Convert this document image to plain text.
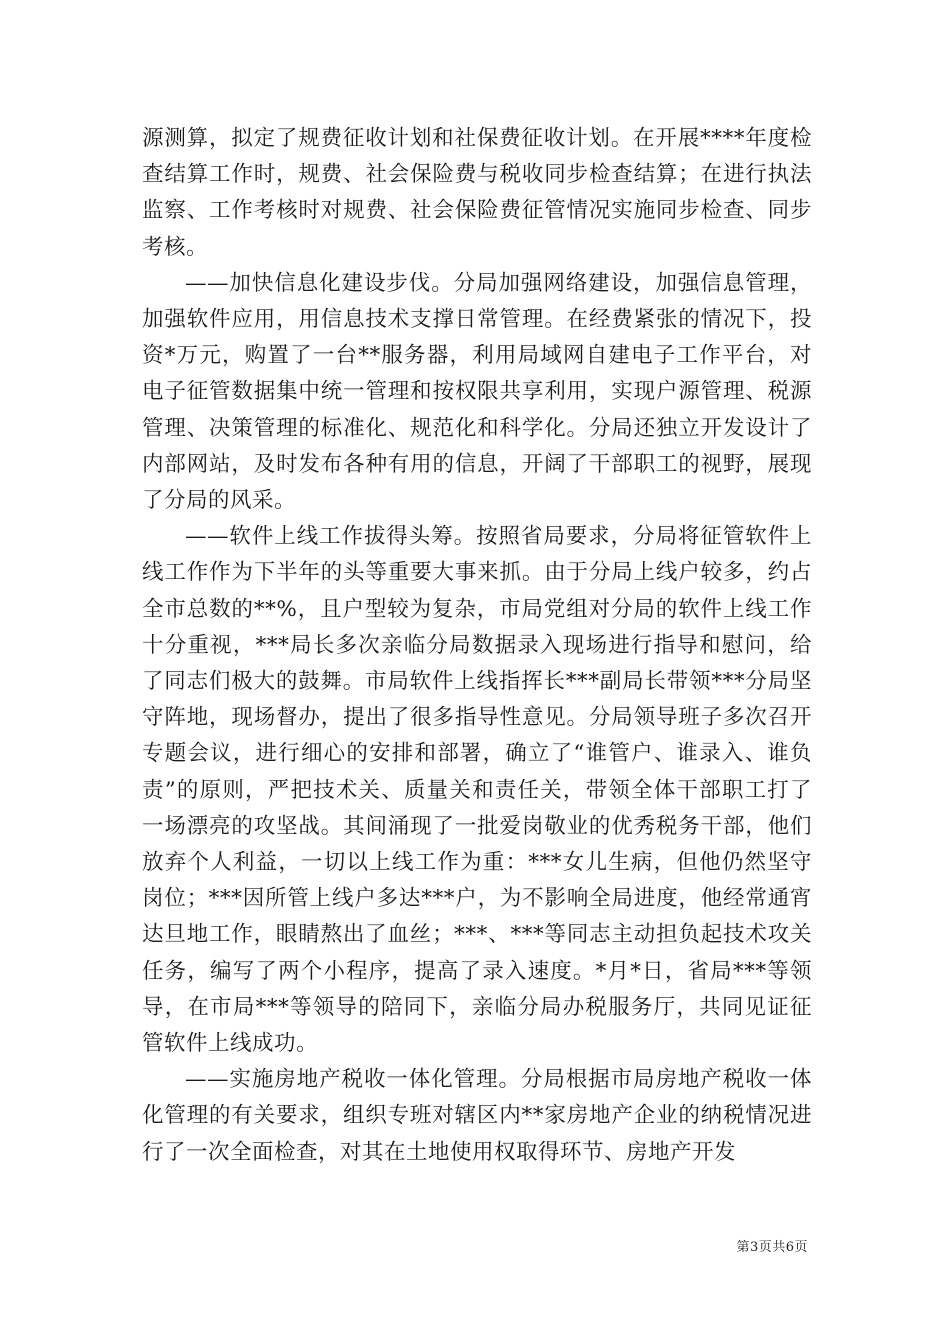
源测算，拟定了规费征收计划和社保费征收计划。在开展****年度检查结算工作时，规费、社会保险费与税收同步检查结算；在进行执法监察、工作考核时对规费、社会保险费征管情况实施同步检查、同步考核。

——加快信息化建设步伐。分局加强网络建设，加强信息管理，加强软件应用，用信息技术支撑日常管理。在经费紧张的情况下，投资*万元，购置了一台**服务器，利用局域网自建电子工作平台，对电子征管数据集中统一管理和按权限共享利用，实现户源管理、税源管理、决策管理的标准化、规范化和科学化。分局还独立开发设计了内部网站，及时发布各种有用的信息，开阔了干部职工的视野，展现了分局的风采。

——软件上线工作拔得头筹。按照省局要求，分局将征管软件上线工作作为下半年的头等重要大事来抓。由于分局上线户较多，约占全市总数的**%，且户型较为复杂，市局党组对分局的软件上线工作十分重视，***局长多次亲临分局数据录入现场进行指导和慰问，给了同志们极大的鼓舞。市局软件上线指挥长***副局长带领***分局坚守阵地，现场督办，提出了很多指导性意见。分局领导班子多次召开专题会议，进行细心的安排和部署，确立了“谁管户、谁录入、谁负责”的原则，严把技术关、质量关和责任关，带领全体干部职工打了一场漂亮的攻坚战。其间涌现了一批爱岗敬业的优秀税务干部，他们放弃个人利益，一切以上线工作为重：***女儿生病，但他仍然坚守岗位；***因所管上线户多达***户，为不影响全局进度，他经常通宵达旦地工作，眼睛熬出了血丝；***、***等同志主动担负起技术攻关任务，编写了两个小程序，提高了录入速度。*月*日，省局***等领导，在市局***等领导的陪同下，亲临分局办税服务厅，共同见证征管软件上线成功。

——实施房地产税收一体化管理。分局根据市局房地产税收一体化管理的有关要求，组织专班对辖区内**家房地产企业的纳税情况进行了一次全面检查，对其在土地使用权取得环节、房地产开发

第3页共6页
